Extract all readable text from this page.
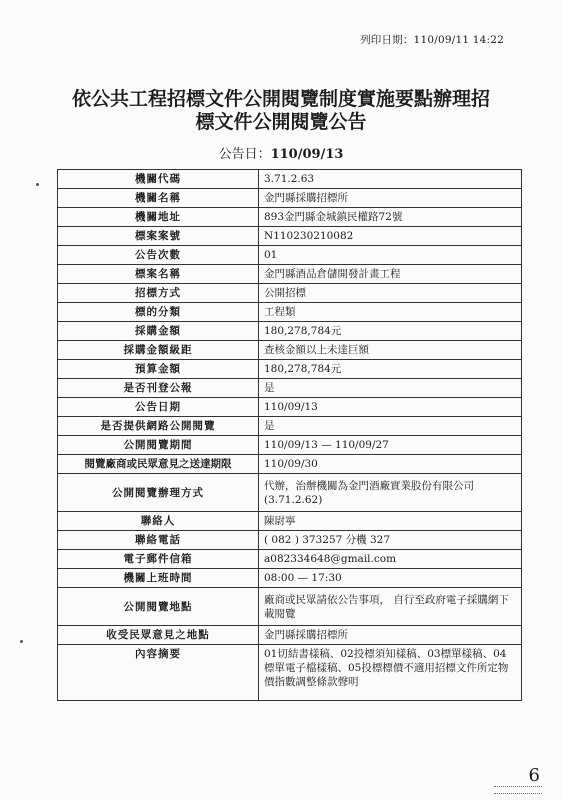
列印日期：110/09/11 14:22
依公共工程招標文件公開閱覽制度實施要點辦理招標文件公開閱覽公告
公告日：110/09/13
機關代碼	3.71.2.63
機關名稱	金門縣採購招標所
機關地址	893金門縣金城鎮民權路72號
標案案號	N110230210082
公告次數	01
標案名稱	金門縣酒品倉儲開發計畫工程
招標方式	公開招標
標的分類	工程類
採購金額	180,278,784元
採購金額級距	查核金額以上未達巨額
預算金額	180,278,784元
是否刊登公報	是
公告日期	110/09/13
是否提供網路公開閱覽	是
公開閱覽期間	110/09/13 — 110/09/27
閱覽廠商或民眾意見之送達期限	110/09/30
公開閱覽辦理方式	代辦，治辦機關為金門酒廠實業股份有限公司(3.71.2.62)
聯絡人	陳尉寧
聯絡電話	( 082 ) 373257 分機 327
電子郵件信箱	a082334648@gmail.com
機關上班時間	08:00 — 17:30
公開閱覽地點	廠商或民眾請依公告事項， 自行至政府電子採購網下載閱覽
收受民眾意見之地點	金門縣採購招標所
內容摘要	01切結書樣稿、02投標須知樣稿、03標單樣稿、04標單電子檔樣稿、05投標標價不適用招標文件所定物價指數調整條款聲明
6
